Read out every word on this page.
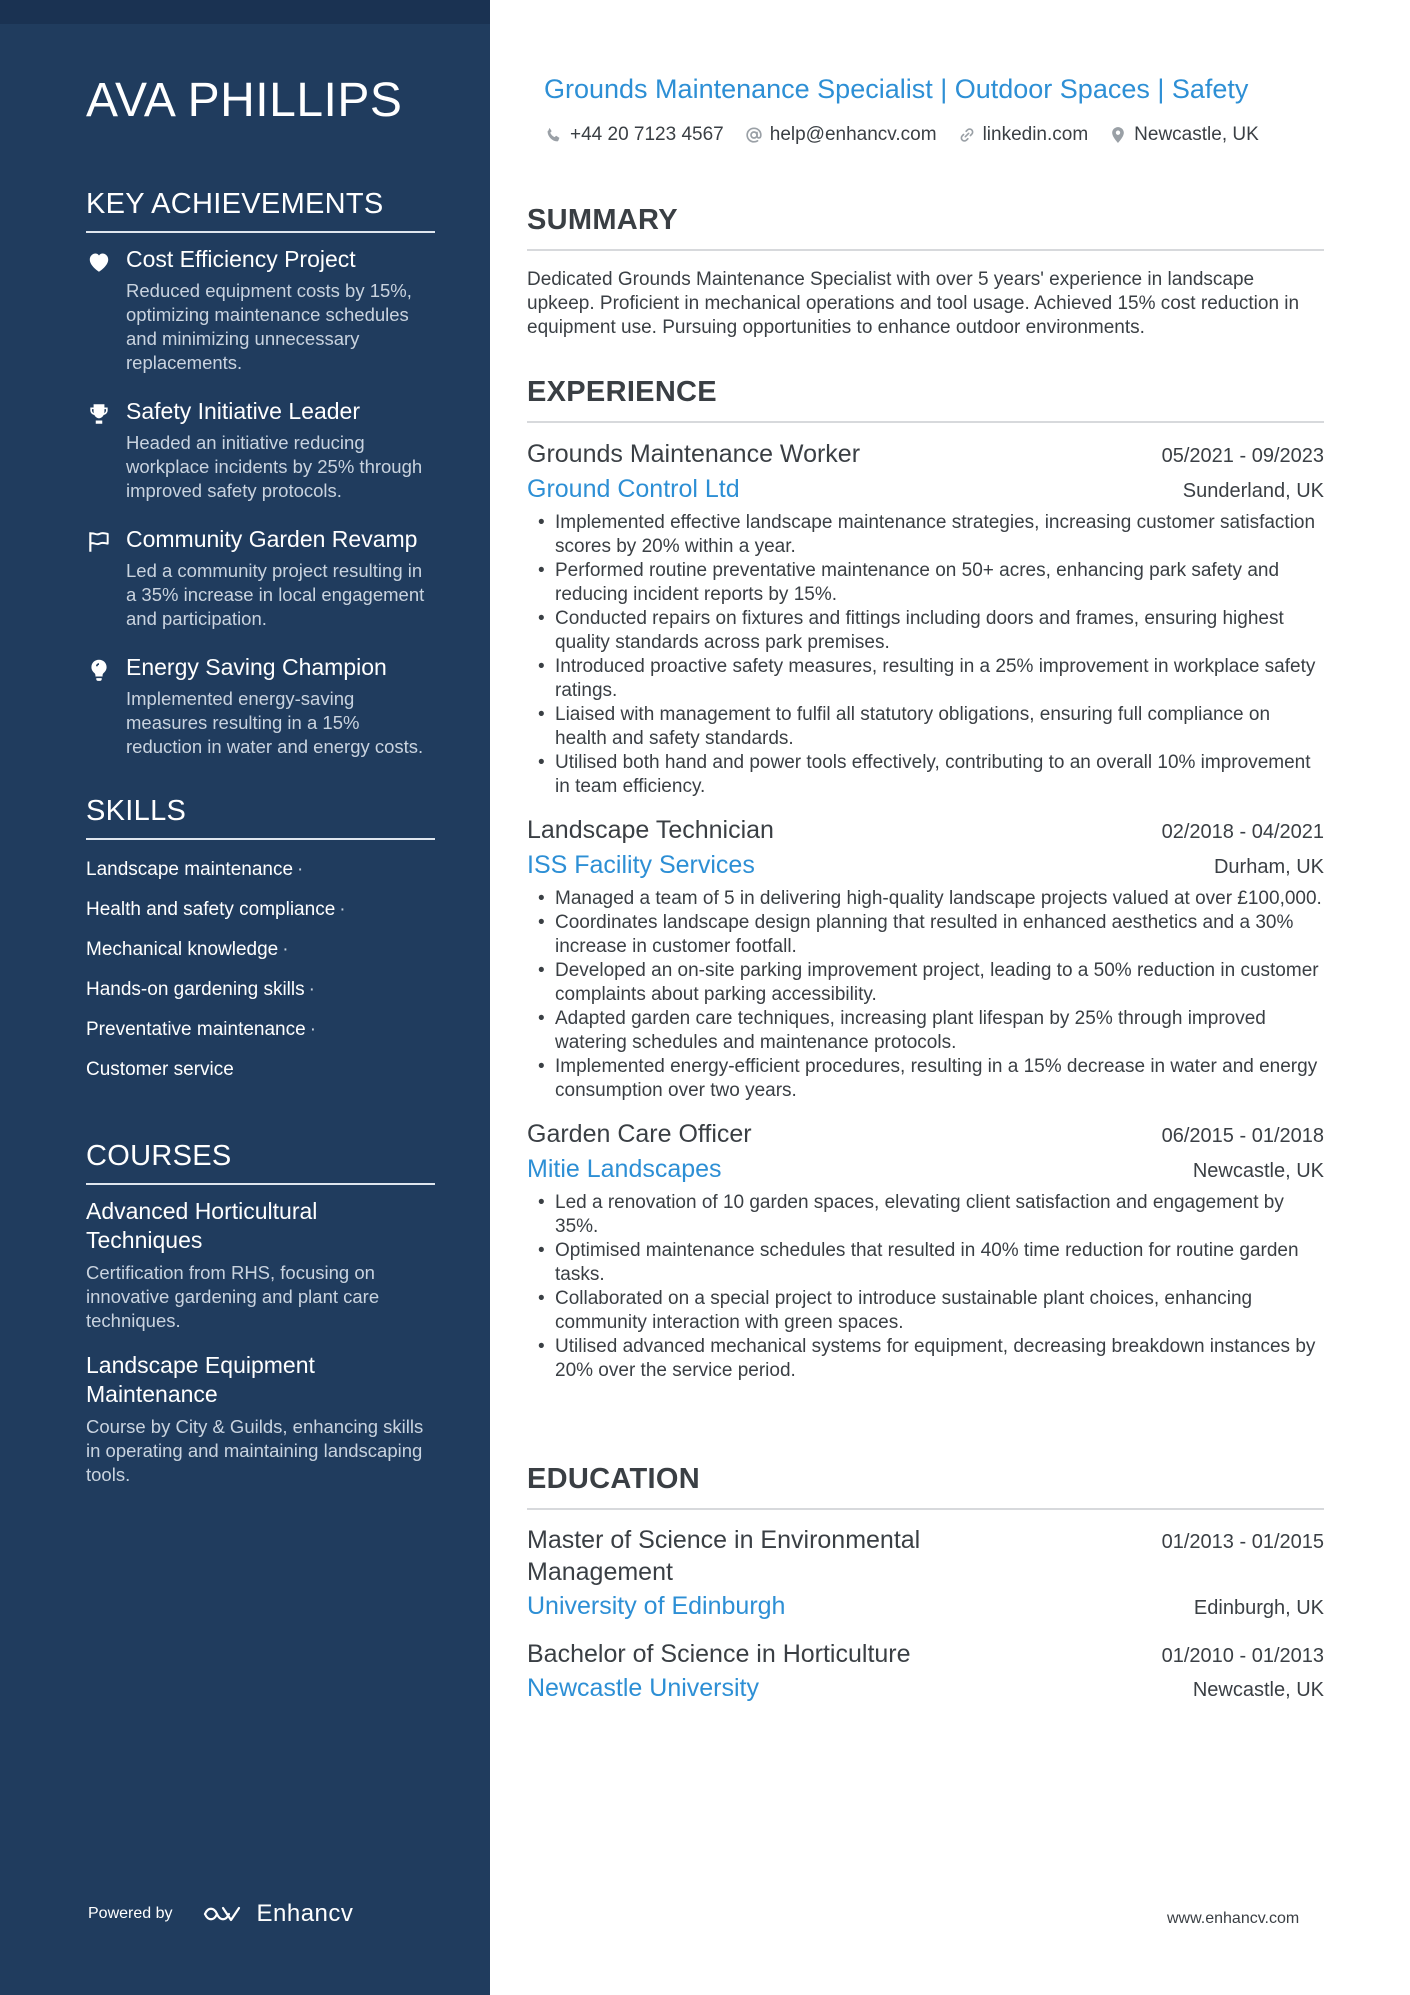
AVA PHILLIPS
KEY ACHIEVEMENTS
Cost Efficiency Project
Reduced equipment costs by 15%, optimizing maintenance schedules and minimizing unnecessary replacements.
Safety Initiative Leader
Headed an initiative reducing workplace incidents by 25% through improved safety protocols.
Community Garden Revamp
Led a community project resulting in a 35% increase in local engagement and participation.
Energy Saving Champion
Implemented energy-saving measures resulting in a 15% reduction in water and energy costs.
SKILLS
Landscape maintenance ·
Health and safety compliance ·
Mechanical knowledge ·
Hands-on gardening skills ·
Preventative maintenance ·
Customer service
COURSES
Advanced Horticultural Techniques
Certification from RHS, focusing on innovative gardening and plant care techniques.
Landscape Equipment Maintenance
Course by City & Guilds, enhancing skills in operating and maintaining landscaping tools.
Powered by	Enhancv
Grounds Maintenance Specialist | Outdoor Spaces | Safety
+44 20 7123 4567 help@enhancv.com linkedin.com Newcastle, UK
SUMMARY

Dedicated Grounds Maintenance Specialist with over 5 years' experience in landscape upkeep. Proficient in mechanical operations and tool usage. Achieved 15% cost reduction in equipment use. Pursuing opportunities to enhance outdoor environments.

EXPERIENCE
Grounds Maintenance Worker	05/2021 - 09/2023
Ground Control Ltd	Sunderland, UK
• Implemented effective landscape maintenance strategies, increasing customer satisfaction scores by 20% within a year.
• Performed routine preventative maintenance on 50+ acres, enhancing park safety and reducing incident reports by 15%.
• Conducted repairs on fixtures and fittings including doors and frames, ensuring highest quality standards across park premises.
• Introduced proactive safety measures, resulting in a 25% improvement in workplace safety ratings.
• Liaised with management to fulfil all statutory obligations, ensuring full compliance on health and safety standards.
• Utilised both hand and power tools effectively, contributing to an overall 10% improvement in team efficiency.
Landscape Technician	02/2018 - 04/2021
ISS Facility Services	Durham, UK
• Managed a team of 5 in delivering high-quality landscape projects valued at over £100,000.
• Coordinates landscape design planning that resulted in enhanced aesthetics and a 30% increase in customer footfall.
• Developed an on-site parking improvement project, leading to a 50% reduction in customer complaints about parking accessibility.
• Adapted garden care techniques, increasing plant lifespan by 25% through improved watering schedules and maintenance protocols.
• Implemented energy-efficient procedures, resulting in a 15% decrease in water and energy consumption over two years.
Garden Care Officer	06/2015 - 01/2018
Mitie Landscapes	Newcastle, UK
• Led a renovation of 10 garden spaces, elevating client satisfaction and engagement by 35%.
• Optimised maintenance schedules that resulted in 40% time reduction for routine garden tasks.
• Collaborated on a special project to introduce sustainable plant choices, enhancing community interaction with green spaces.
• Utilised advanced mechanical systems for equipment, decreasing breakdown instances by 20% over the service period.
EDUCATION
Master of Science in Environmental Management
01/2013 - 01/2015
University of Edinburgh	Edinburgh, UK
Bachelor of Science in Horticulture	01/2010 - 01/2013
Newcastle University	Newcastle, UK
www.enhancv.com
